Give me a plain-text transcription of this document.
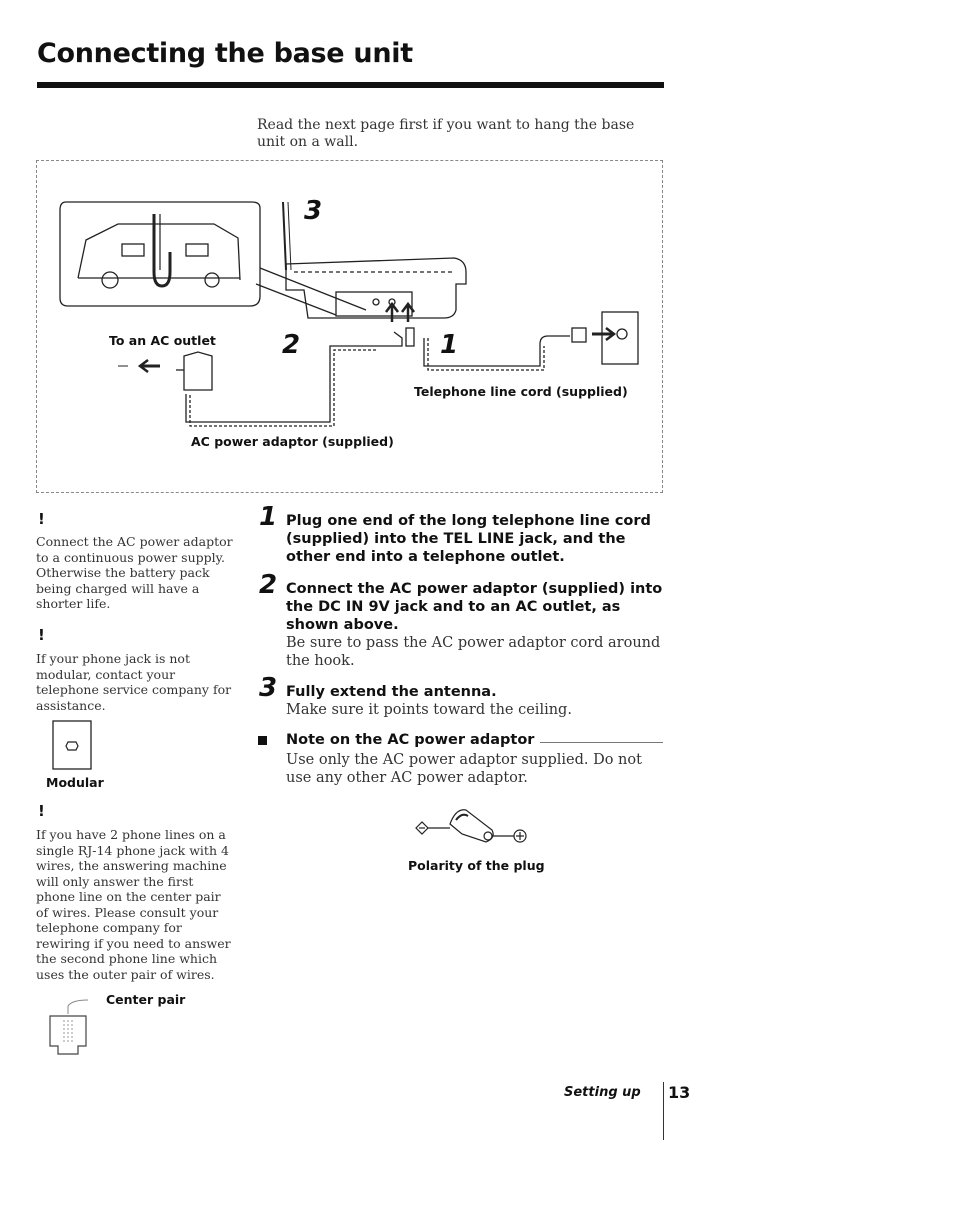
Connecting the base unit
Read the next page first if you want to hang the base unit on a wall.
3
2	1
To an AC outlet
Telephone line cord (supplied)
AC power adaptor (supplied)
!
Connect the AC power adaptor to a continuous power supply. Otherwise the battery pack being charged will have a shorter life.
!
If your phone jack is not modular, contact your telephone service company for assistance.
Modular
!
If you have 2 phone lines on a single RJ-14 phone jack with 4 wires, the answering machine will only answer the first phone line on the center pair of wires. Please consult your telephone company for rewiring if you need to answer the second phone line which uses the outer pair of wires.
Center pair
1 Plug one end of the long telephone line cord (supplied) into the TEL LINE jack, and the other end into a telephone outlet.
2 Connect the AC power adaptor (supplied) into the DC IN 9V jack and to an AC outlet, as shown above.
Be sure to pass the AC power adaptor cord around the hook.
3 Fully extend the antenna.
Make sure it points toward the ceiling.
Note on the AC power adaptor
Use only the AC power adaptor supplied. Do not use any other AC power adaptor.
Polarity of the plug
Setting up 13
